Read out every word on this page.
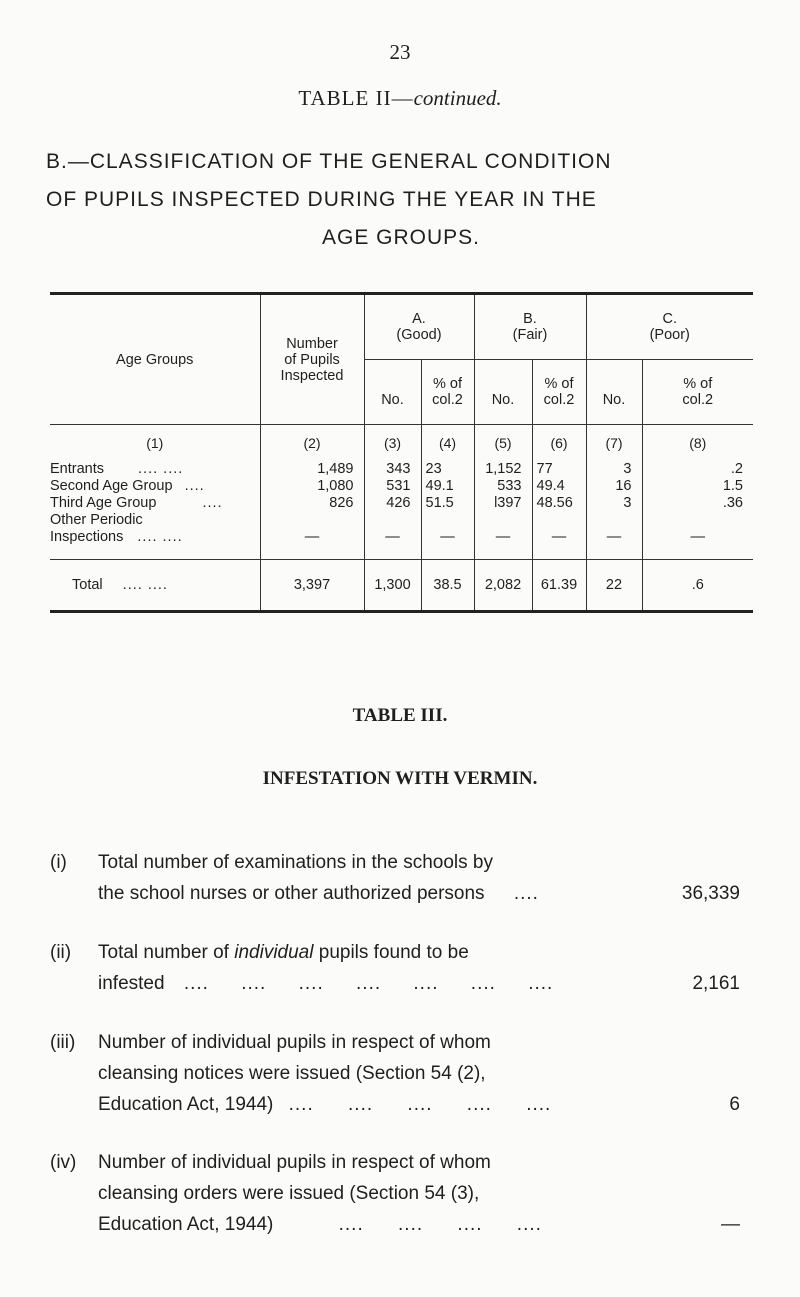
23
TABLE II—continued.
B.—CLASSIFICATION OF THE GENERAL CONDITION
OF PUPILS INSPECTED DURING THE YEAR IN THE
AGE GROUPS.
Age Groups	Number
of Pupils
Inspected	A.
(Good)		B.
(Fair)		C.
(Poor)	

No.	% of
col.2	No.	% of
col.2	No.	% of
col.2
(1)	(2)	(3)	(4)	(5)	(6)	(7)	(8)
Entrants .... ....	1,489	343	23	1,152	77	3	.2
Second Age Group ....	1,080	531	49.1	533	49.4	16	1.5
Third Age Group ....	826	426	51.5	l397	48.56	3	.36
Other Periodic							
Inspections .... ....	—	—	—	—	—	—	—
Total .... ....	3,397	1,300	38.5	2,082	61.39	22	.6
TABLE III.
INFESTATION WITH VERMIN.
(i) Total number of examinations in the schools by
the school nurses or other authorized persons ....	36,339
(ii) Total number of individual pupils found to be
infested .... .... .... .... .... .... ....	2,161
(iii) Number of individual pupils in respect of whom
cleansing notices were issued (Section 54 (2),
Education Act, 1944) .... .... .... .... ....	6
(iv) Number of individual pupils in respect of whom
cleansing orders were issued (Section 54 (3),
Education Act, 1944)	.... .... .... ....	—
